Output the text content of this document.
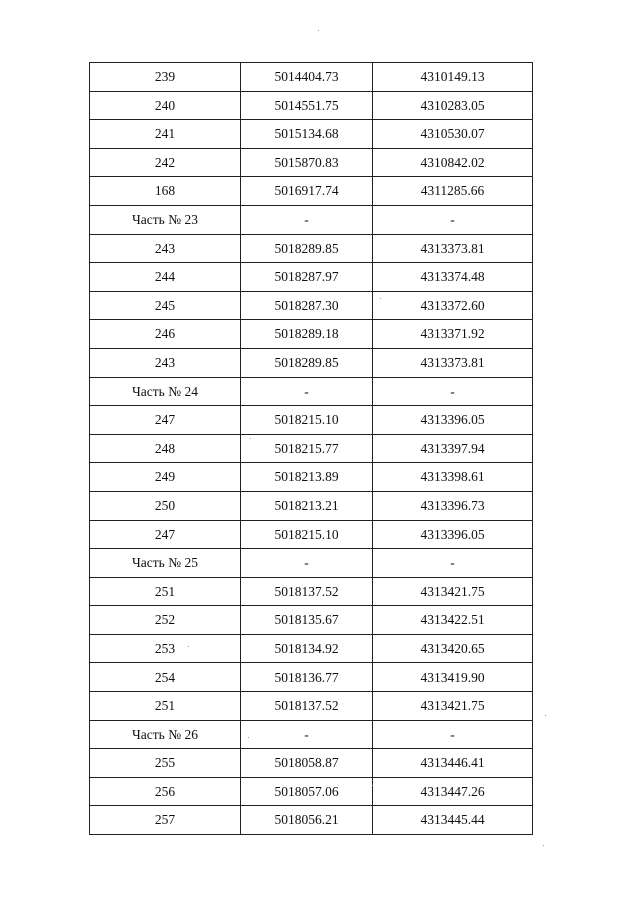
239	5014404.73	4310149.13
240	5014551.75	4310283.05
241	5015134.68	4310530.07
242	5015870.83	4310842.02
168	5016917.74	4311285.66
Часть № 23	-	-
243	5018289.85	4313373.81
244	5018287.97	4313374.48
245	5018287.30	4313372.60
246	5018289.18	4313371.92
243	5018289.85	4313373.81
Часть № 24	-	-
247	5018215.10	4313396.05
248	5018215.77	4313397.94
249	5018213.89	4313398.61
250	5018213.21	4313396.73
247	5018215.10	4313396.05
Часть № 25	-	-
251	5018137.52	4313421.75
252	5018135.67	4313422.51
253	5018134.92	4313420.65
254	5018136.77	4313419.90
251	5018137.52	4313421.75
Часть № 26	-	-
255	5018058.87	4313446.41
256	5018057.06	4313447.26
257	5018056.21	4313445.44
